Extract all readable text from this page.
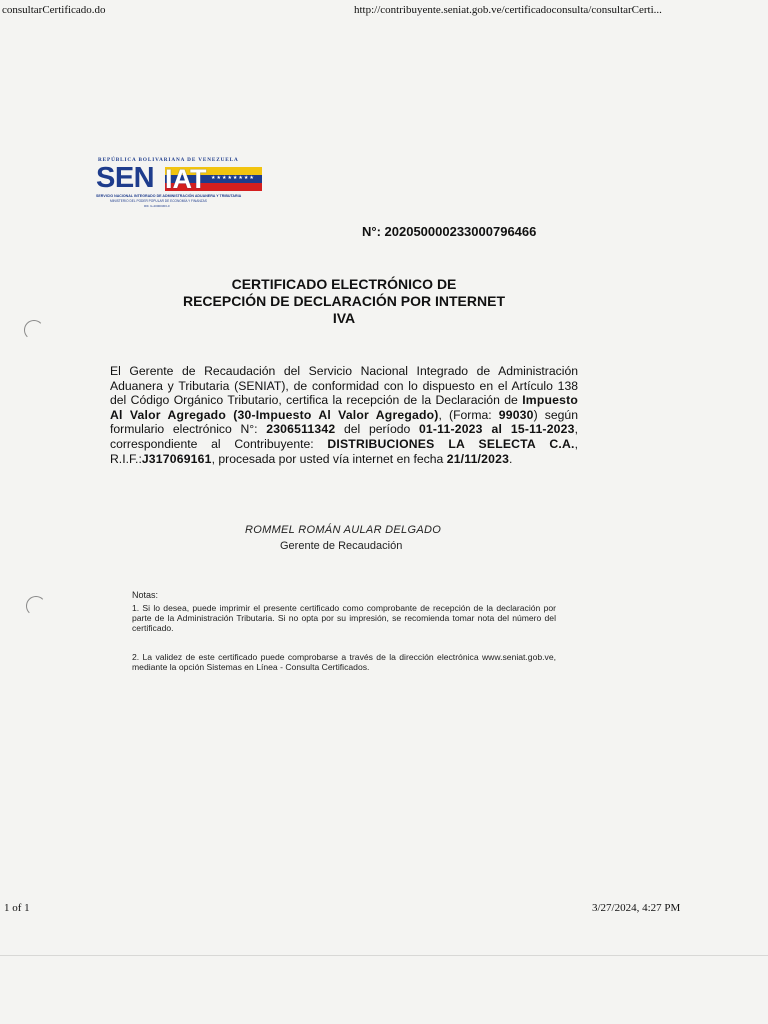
consultarCertificado.do	http://contribuyente.seniat.gob.ve/certificadoconsulta/consultarCerti...
REPÚBLICA BOLIVARIANA DE VENEZUELA
SEN IAT ★★★★★★★★
SERVICIO NACIONAL INTEGRADO DE ADMINISTRACIÓN ADUANERA Y TRIBUTARIA
MINISTERIO DEL PODER POPULAR DE ECONOMÍA Y FINANZAS
RIF. G-20000303-0
N°: 202050000233000796466
CERTIFICADO ELECTRÓNICO DE
RECEPCIÓN DE DECLARACIÓN POR INTERNET
IVA
El Gerente de Recaudación del Servicio Nacional Integrado de Administración Aduanera y Tributaria (SENIAT), de conformidad con lo dispuesto en el Artículo 138 del Código Orgánico Tributario, certifica la recepción de la Declaración de Impuesto Al Valor Agregado (30-Impuesto Al Valor Agregado), (Forma: 99030) según formulario electrónico N°: 2306511342 del período 01-11-2023 al 15-11-2023, correspondiente al Contribuyente: DISTRIBUCIONES LA SELECTA C.A., R.I.F.:J317069161, procesada por usted vía internet en fecha 21/11/2023.
ROMMEL ROMÁN AULAR DELGADO
Gerente de Recaudación
Notas:
1. Si lo desea, puede imprimir el presente certificado como comprobante de recepción de la declaración por parte de la Administración Tributaria. Si no opta por su impresión, se recomienda tomar nota del número del certificado.
2. La validez de este certificado puede comprobarse a través de la dirección electrónica www.seniat.gob.ve, mediante la opción Sistemas en Línea - Consulta Certificados.
1 of 1	3/27/2024, 4:27 PM
